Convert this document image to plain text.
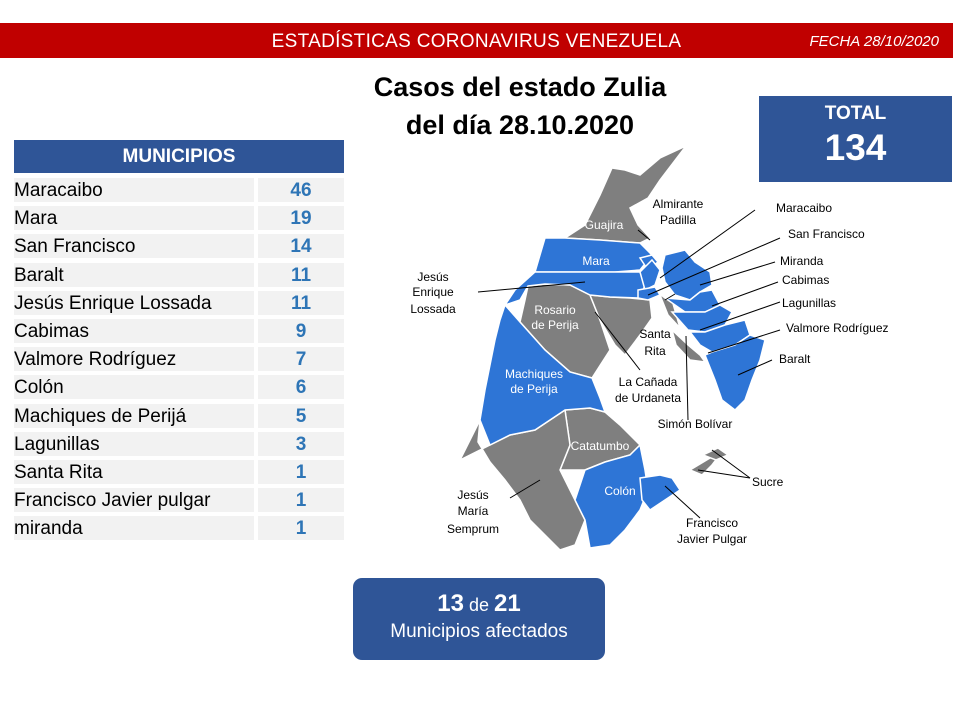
ESTADÍSTICAS CORONAVIRUS VENEZUELA	FECHA 28/10/2020
Casos del estado Zulia
del día 28.10.2020	TOTAL
134
MUNICIPIOS
Maracaibo	46
Mara	19
San Francisco	14
Baralt	11
Jesús Enrique Lossada	11
Cabimas	9
Valmore Rodríguez	7
Colón	6
Machiques de Perijá	5
Lagunillas	3
Santa Rita	1
Francisco Javier pulgar	1
miranda	1
13 de 21
Municipios afectados
Almirante
Padilla
Jesús
Enrique
Lossada
Santa
Rita
La Cañada
de Urdaneta
Simón Bolívar
Jesús
María
Semprum	Francisco
Javier Pulgar
Maracaibo
San Francisco
Miranda
Cabimas
Lagunillas
Valmore Rodríguez
Baralt
Sucre
Guajira
Mara
Rosario
de Perija
Machiques
de Perija
Catatumbo
Colón
